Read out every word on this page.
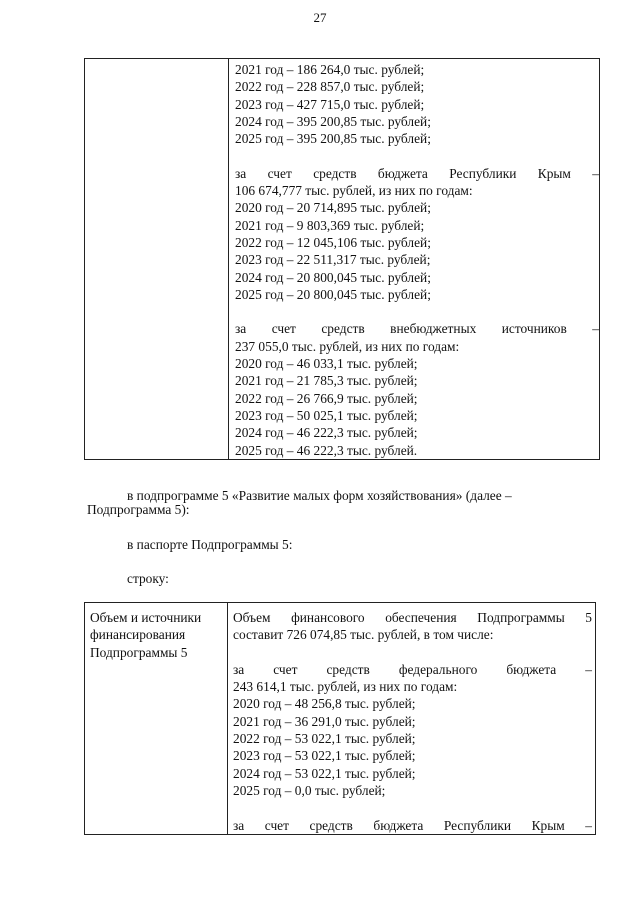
27

2021 год – 186 264,0 тыс. рублей;
2022 год – 228 857,0 тыс. рублей;
2023 год – 427 715,0 тыс. рублей;
2024 год – 395 200,85 тыс. рублей;
2025 год – 395 200,85 тыс. рублей;
за счет средств бюджета Республики Крым –
106 674,777 тыс. рублей, из них по годам:
2020 год – 20 714,895 тыс. рублей;
2021 год – 9 803,369 тыс. рублей;
2022 год – 12 045,106 тыс. рублей;
2023 год – 22 511,317 тыс. рублей;
2024 год – 20 800,045 тыс. рублей;
2025 год – 20 800,045 тыс. рублей;
за счет средств внебюджетных источников –
237 055,0 тыс. рублей, из них по годам:
2020 год – 46 033,1 тыс. рублей;
2021 год – 21 785,3 тыс. рублей;
2022 год – 26 766,9 тыс. рублей;
2023 год – 50 025,1 тыс. рублей;
2024 год – 46 222,3 тыс. рублей;
2025 год – 46 222,3 тыс. рублей.
в подпрограмме 5 «Развитие малых форм хозяйствования» (далее –
Подпрограмма 5):
в паспорте Подпрограммы 5:
строку:
Объем и источники
финансирования
Подпрограммы 5

Объем финансового обеспечения Подпрограммы 5
составит 726 074,85 тыс. рублей, в том числе:
за счет средств федерального бюджета –
243 614,1 тыс. рублей, из них по годам:
2020 год – 48 256,8 тыс. рублей;
2021 год – 36 291,0 тыс. рублей;
2022 год – 53 022,1 тыс. рублей;
2023 год – 53 022,1 тыс. рублей;
2024 год – 53 022,1 тыс. рублей;
2025 год – 0,0 тыс. рублей;
за счет средств бюджета Республики Крым –
